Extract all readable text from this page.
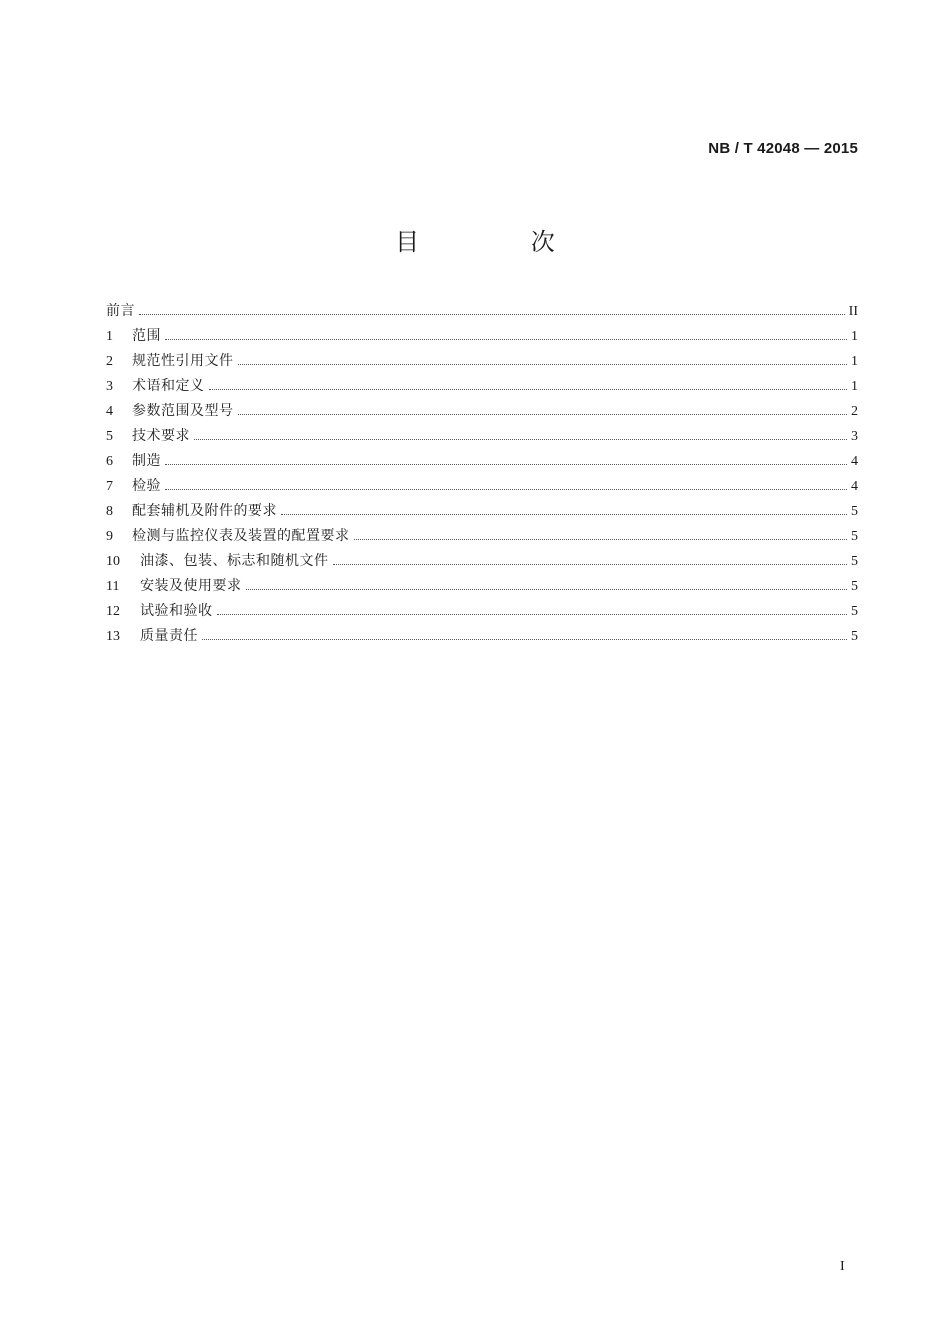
NB / T 42048 — 2015
目 次
前言	II
1	范围	1
2	规范性引用文件	1
3	术语和定义	1
4	参数范围及型号	2
5	技术要求	3
6	制造	4
7	检验	4
8	配套辅机及附件的要求	5
9	检测与监控仪表及装置的配置要求	5
10	油漆、包装、标志和随机文件	5
11	安装及使用要求	5
12	试验和验收	5
13	质量责任	5
I
